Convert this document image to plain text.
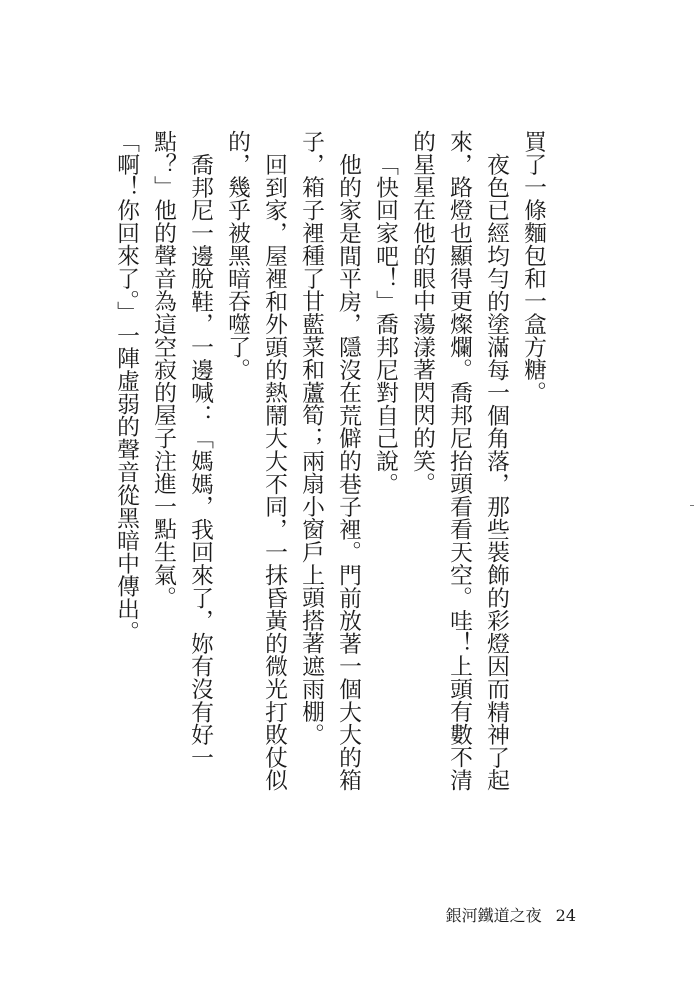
買了一條麵包和一盒方糖。

夜色已經均勻的塗滿每一個角落，那些裝飾的彩燈因而精神了起來，路燈也顯得更燦爛。喬邦尼抬頭看看天空。哇！上頭有數不清的星星在他的眼中蕩漾著閃閃的笑。

「快回家吧！」喬邦尼對自己說。

他的家是間平房，隱沒在荒僻的巷子裡。門前放著一個大大的箱子，箱子裡種了甘藍菜和蘆筍；兩扇小窗戶上頭搭著遮雨棚。

回到家，屋裡和外頭的熱鬧大大不同，一抹昏黃的微光打敗仗似的，幾乎被黑暗吞噬了。

喬邦尼一邊脫鞋，一邊喊：「媽媽，我回來了，妳有沒有好一點？」他的聲音為這空寂的屋子注進一點生氣。

「啊！你回來了。」一陣虛弱的聲音從黑暗中傳出。

銀河鐵道之夜 24
